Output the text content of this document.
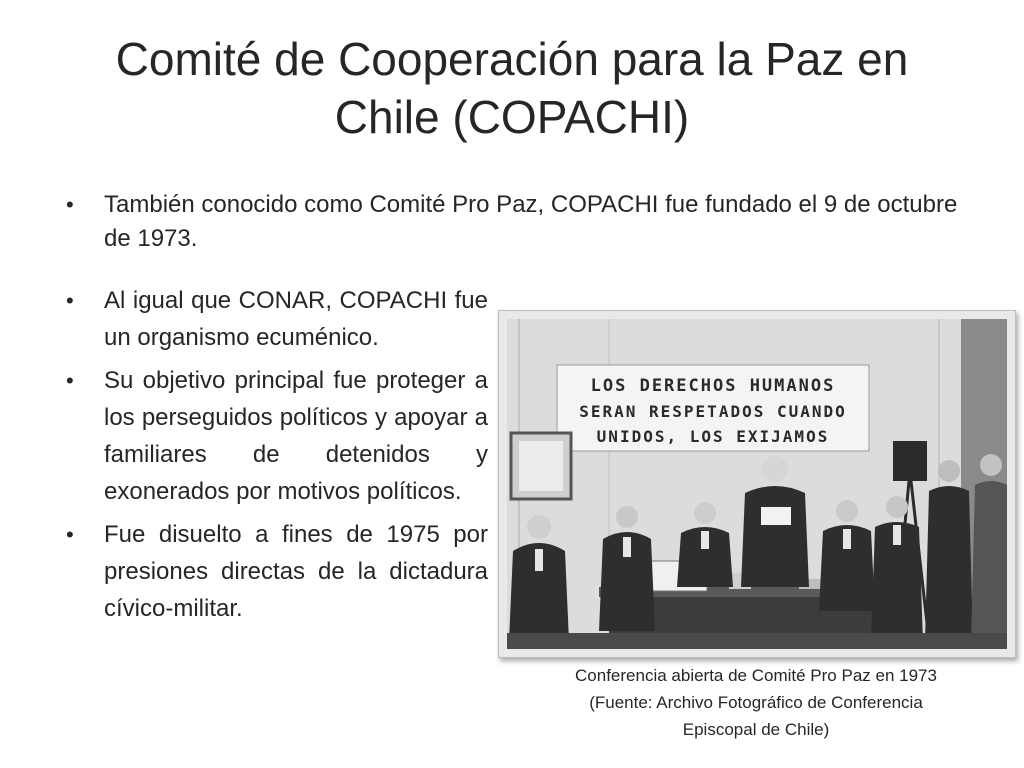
Comité de Cooperación para la Paz en
Chile (COPACHI)
•	También conocido como Comité Pro Paz, COPACHI fue fundado el 9 de octubre de 1973.
•	Al igual que CONAR, COPACHI fue un organismo ecuménico.
•	Su objetivo principal fue proteger a los perseguidos políticos y apoyar a familiares de detenidos y exonerados por motivos políticos.
•	Fue disuelto a fines de 1975 por presiones directas de la dictadura cívico-militar.
LOS DERECHOS HUMANOS
SERAN RESPETADOS CUANDO
UNIDOS, LOS EXIJAMOS
Conferencia abierta de Comité Pro Paz en 1973
(Fuente: Archivo Fotográfico de Conferencia
Episcopal de Chile)
